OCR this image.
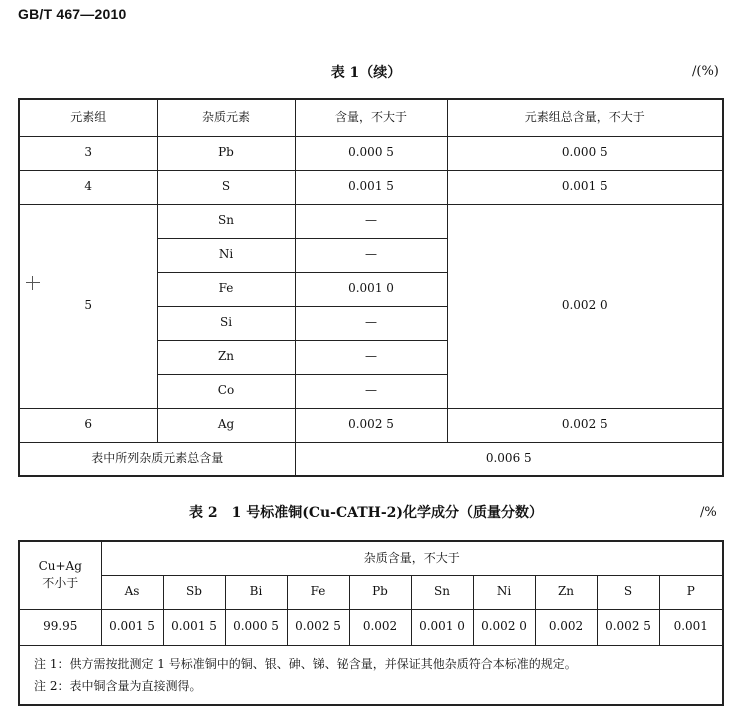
GB/T 467—2010
表 1（续）	/(%)
元素组	杂质元素	含量，不大于	元素组总含量，不大于
3	Pb	0.000 5	0.000 5
4	S	0.001 5	0.001 5
5	Sn	—	0.002 0
	Ni	—	
	Fe	0.001 0	
	Si	—	
	Zn	—	
	Co	—	
6	Ag	0.002 5	0.002 5
表中所列杂质元素总含量		0.006 5	
表 2　1 号标准铜(Cu-CATH-2)化学成分（质量分数）	/%
Cu+Ag
不小于	杂质含量，不大于									
	As	Sb	Bi	Fe	Pb	Sn	Ni	Zn	S	P
99.95	0.001 5	0.001 5	0.000 5	0.002 5	0.002	0.001 0	0.002 0	0.002	0.002 5	0.001

注 1：供方需按批测定 1 号标准铜中的铜、银、砷、锑、铋含量，并保证其他杂质符合本标准的规定。
注 2：表中铜含量为直接测得。										
